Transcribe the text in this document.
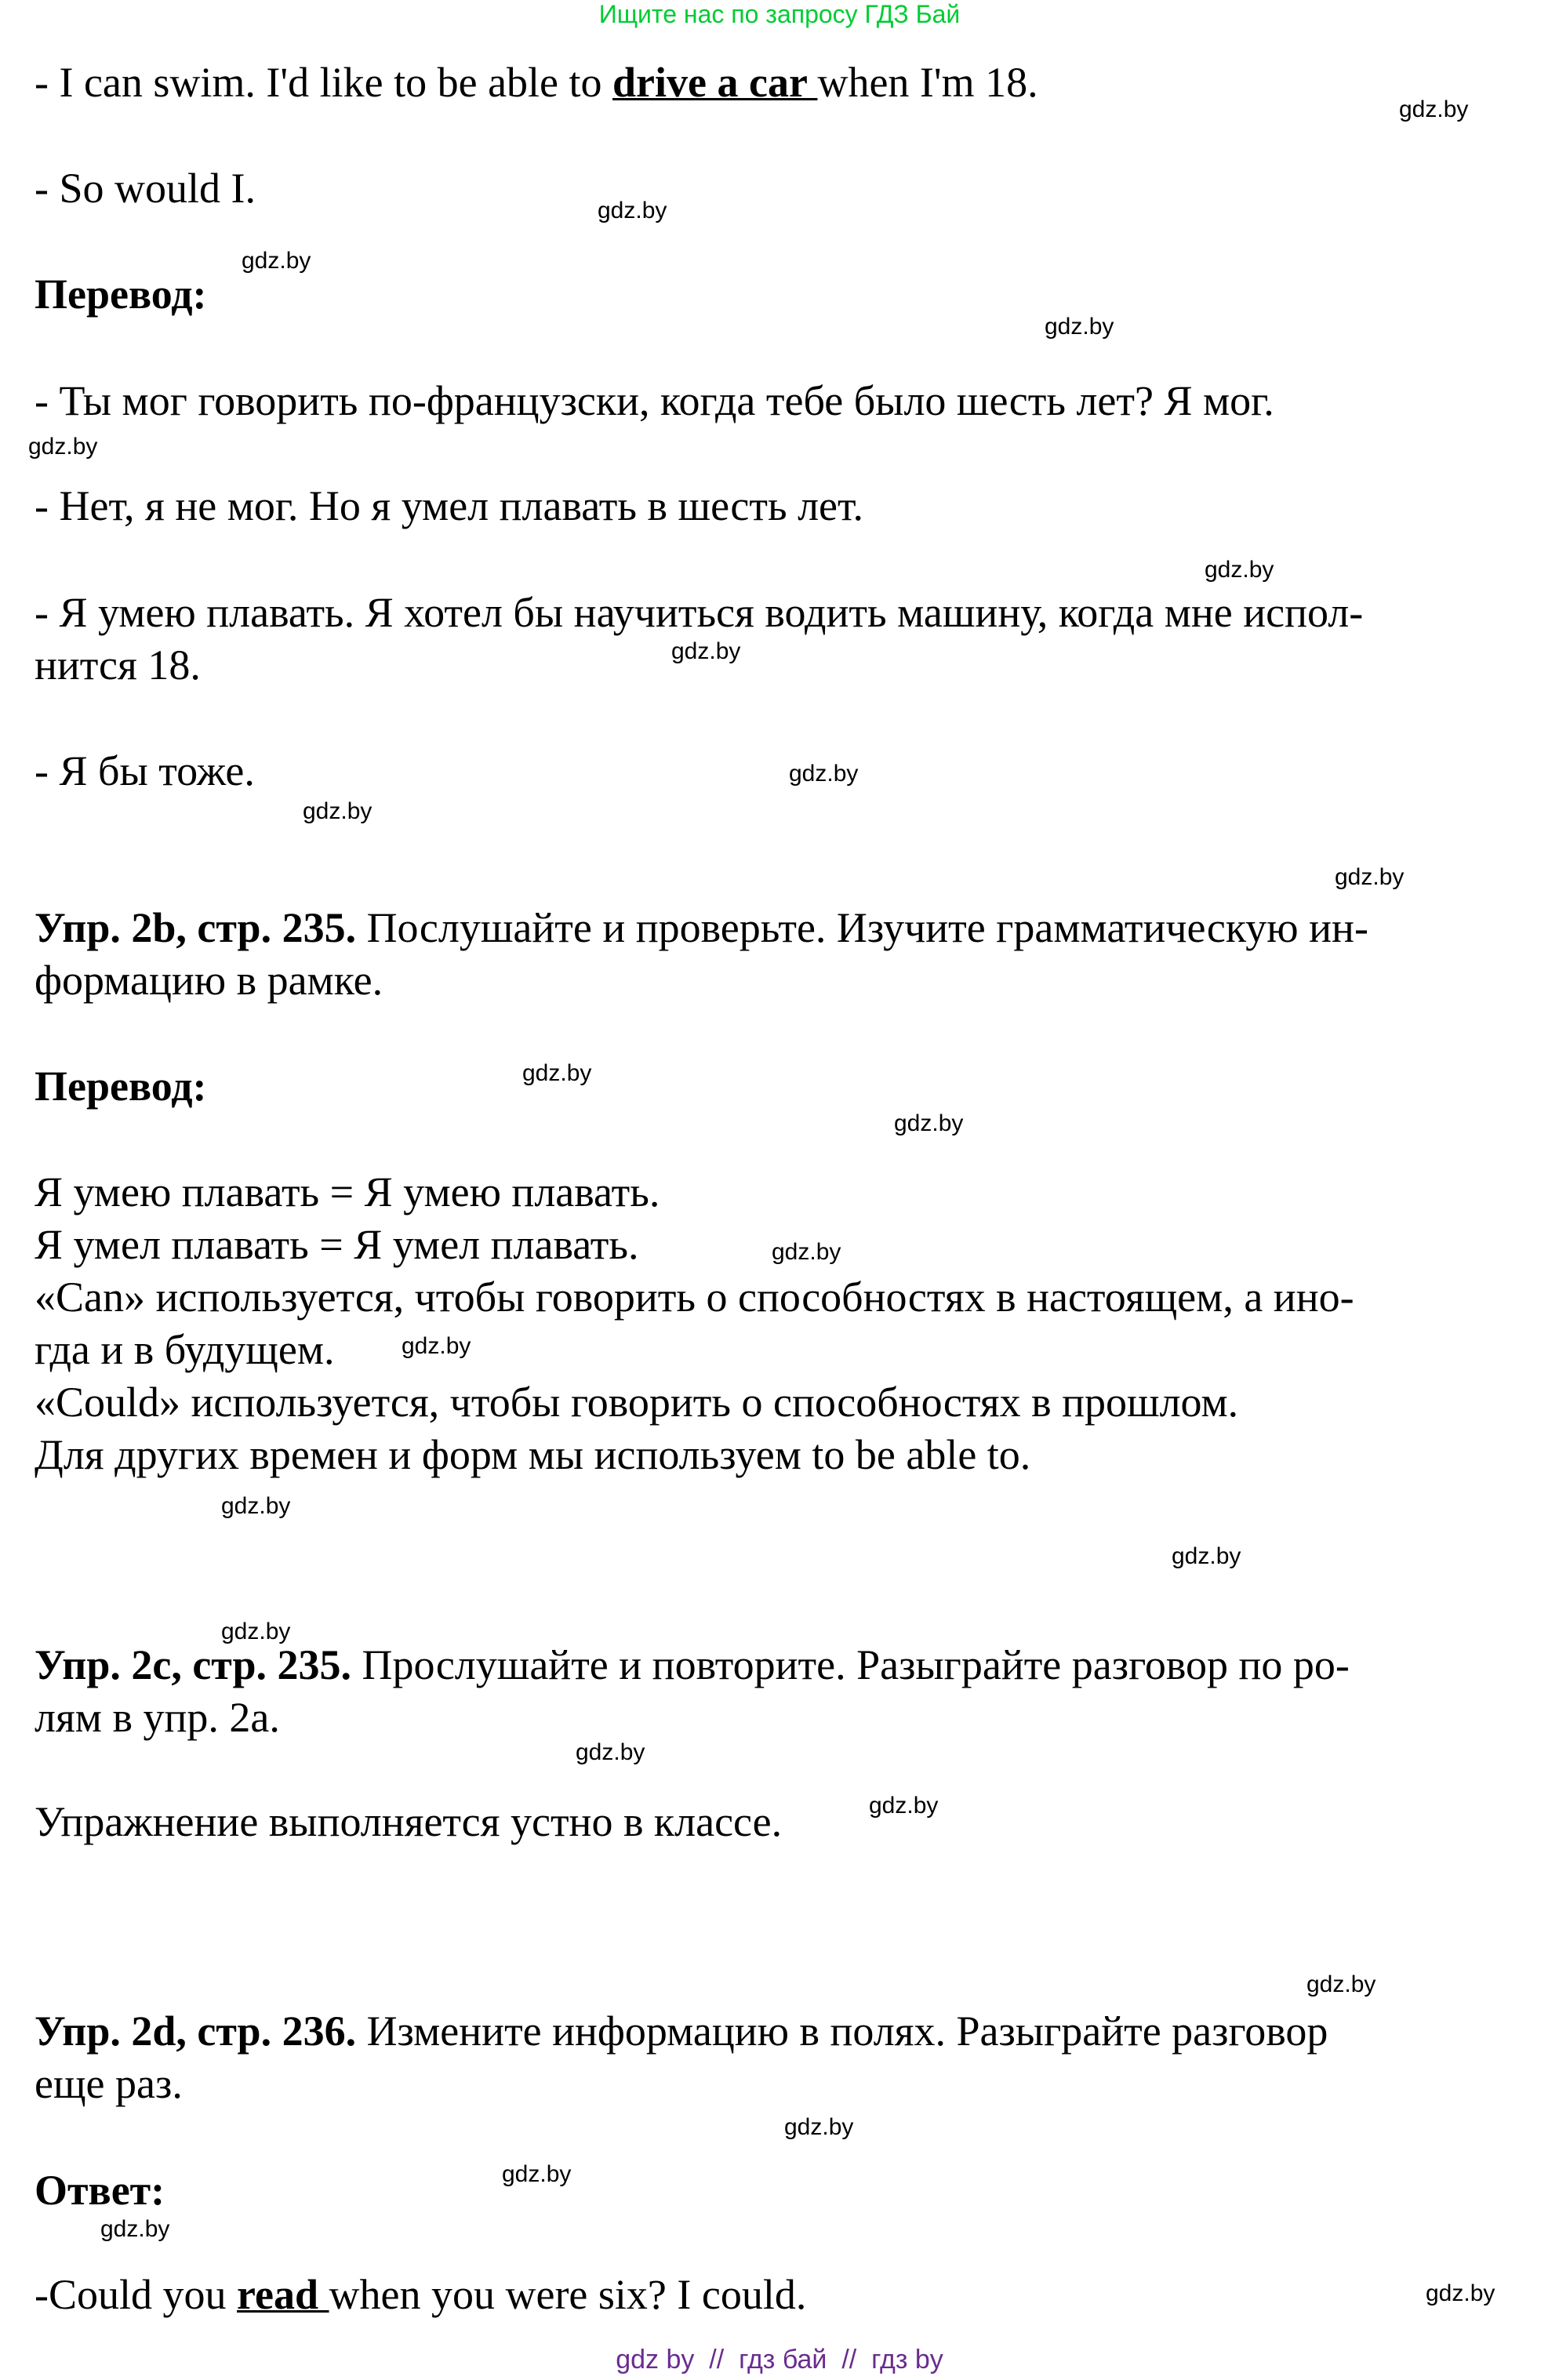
Ищите нас по запросу ГДЗ Бай
- I can swim. I'd like to be able to drive a car when I'm 18.
- So would I.
Перевод:
- Ты мог говорить по-французски, когда тебе было шесть лет? Я мог.
- Нет, я не мог. Но я умел плавать в шесть лет.
- Я умею плавать. Я хотел бы научиться водить машину, когда мне испол-
нится 18.
- Я бы тоже.
Упр. 2b, стр. 235. Послушайте и проверьте. Изучите грамматическую ин-
формацию в рамке.
Перевод:
Я умею плавать = Я умею плавать.
Я умел плавать = Я умел плавать.
«Can» используется, чтобы говорить о способностях в настоящем, а ино-
гда и в будущем.
«Could» используется, чтобы говорить о способностях в прошлом.
Для других времен и форм мы используем to be able to.
Упр. 2c, стр. 235. Прослушайте и повторите. Разыграйте разговор по ро-
лям в упр. 2a.
Упражнение выполняется устно в классе.
Упр. 2d, стр. 236. Измените информацию в полях. Разыграйте разговор
еще раз.
Ответ:
-Could you read when you were six? I could.
gdz.by
gdz.by
gdz.by
gdz.by
gdz.by
gdz.by
gdz.by
gdz.by
gdz.by
gdz.by
gdz.by
gdz.by
gdz.by
gdz.by
gdz.by
gdz.by
gdz.by
gdz.by
gdz.by
gdz.by
gdz.by
gdz.by
gdz.by
gdz.by
gdz by  //  гдз бай  //  гдз by
